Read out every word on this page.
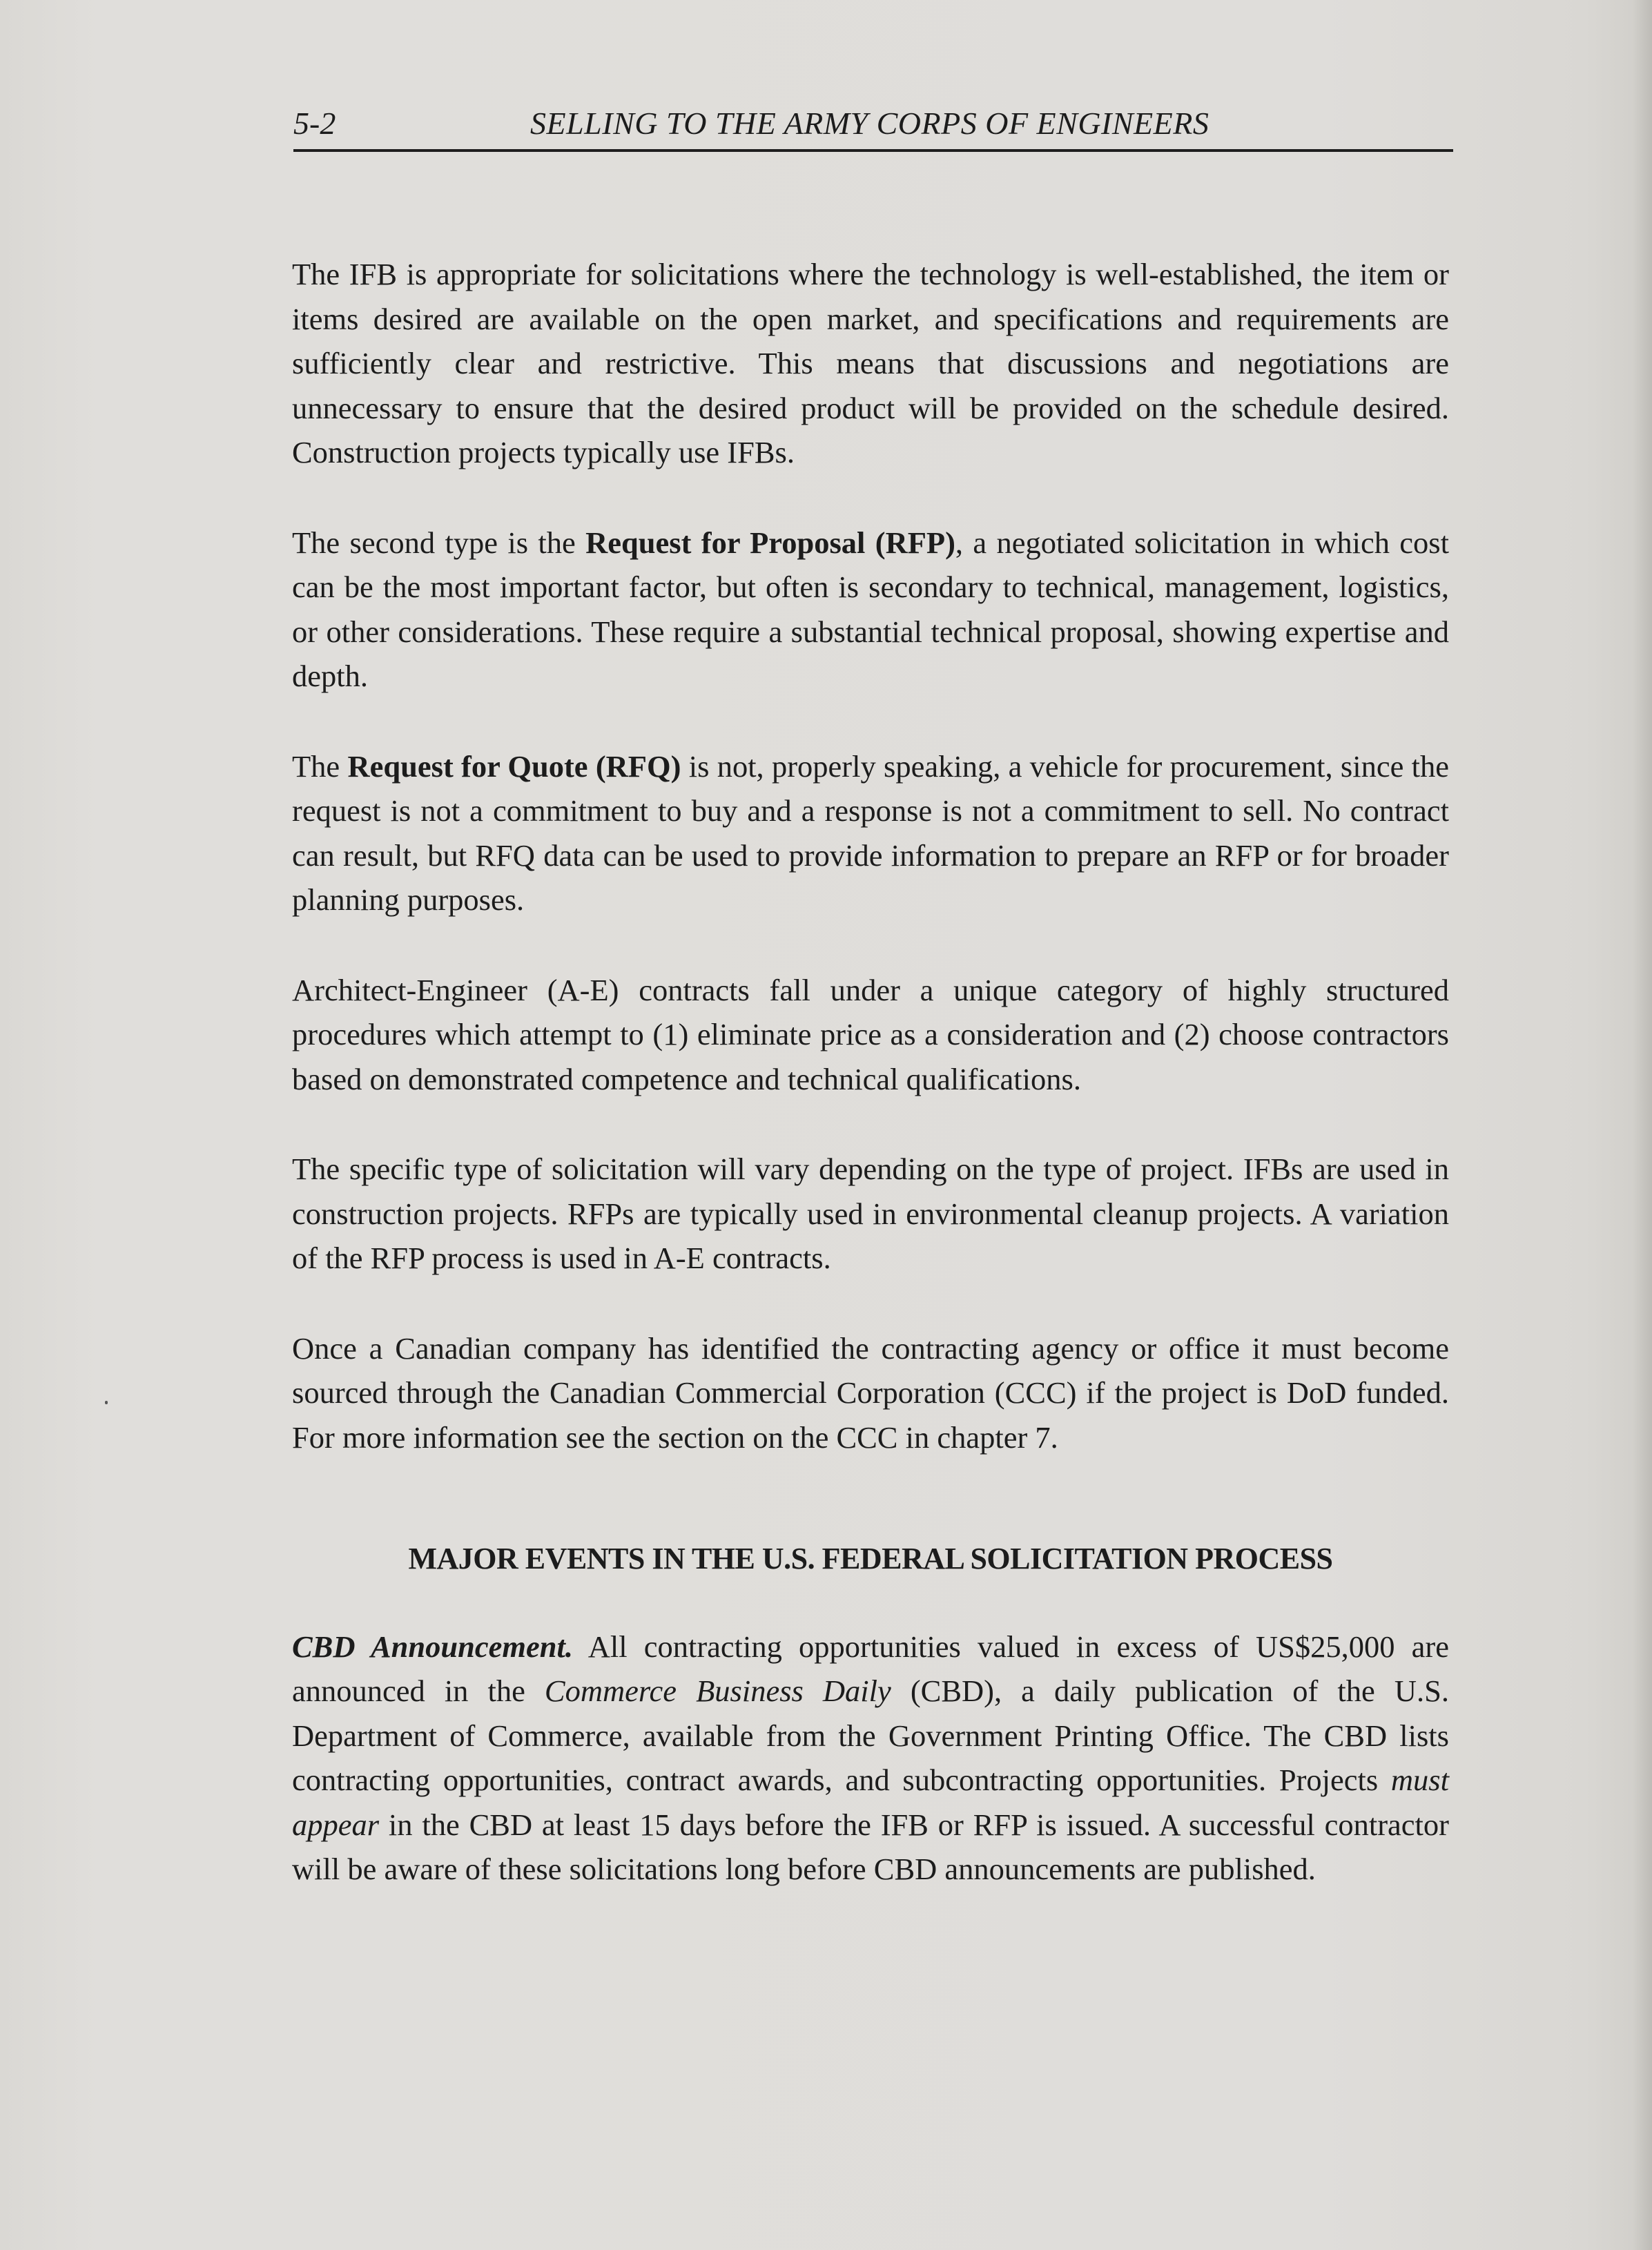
5-2	SELLING TO THE ARMY CORPS OF ENGINEERS

The IFB is appropriate for solicitations where the technology is well-established, the item or items desired are available on the open market, and specifications and requirements are sufficiently clear and restrictive. This means that discussions and negotiations are unnecessary to ensure that the desired product will be provided on the schedule desired. Construction projects typically use IFBs.

The second type is the Request for Proposal (RFP), a negotiated solicitation in which cost can be the most important factor, but often is secondary to technical, management, logistics, or other considerations. These require a substantial technical proposal, showing expertise and depth.

The Request for Quote (RFQ) is not, properly speaking, a vehicle for procurement, since the request is not a commitment to buy and a response is not a commitment to sell. No contract can result, but RFQ data can be used to provide information to prepare an RFP or for broader planning purposes.

Architect-Engineer (A-E) contracts fall under a unique category of highly structured procedures which attempt to (1) eliminate price as a consideration and (2) choose contractors based on demonstrated competence and technical qualifications.

The specific type of solicitation will vary depending on the type of project. IFBs are used in construction projects. RFPs are typically used in environmental cleanup projects. A variation of the RFP process is used in A-E contracts.

Once a Canadian company has identified the contracting agency or office it must become sourced through the Canadian Commercial Corporation (CCC) if the project is DoD funded. For more information see the section on the CCC in chapter 7.

MAJOR EVENTS IN THE U.S. FEDERAL SOLICITATION PROCESS

CBD Announcement. All contracting opportunities valued in excess of US$25,000 are announced in the Commerce Business Daily (CBD), a daily publication of the U.S. Department of Commerce, available from the Government Printing Office. The CBD lists contracting opportunities, contract awards, and subcontracting opportunities. Projects must appear in the CBD at least 15 days before the IFB or RFP is issued. A successful contractor will be aware of these solicitations long before CBD announcements are published.
